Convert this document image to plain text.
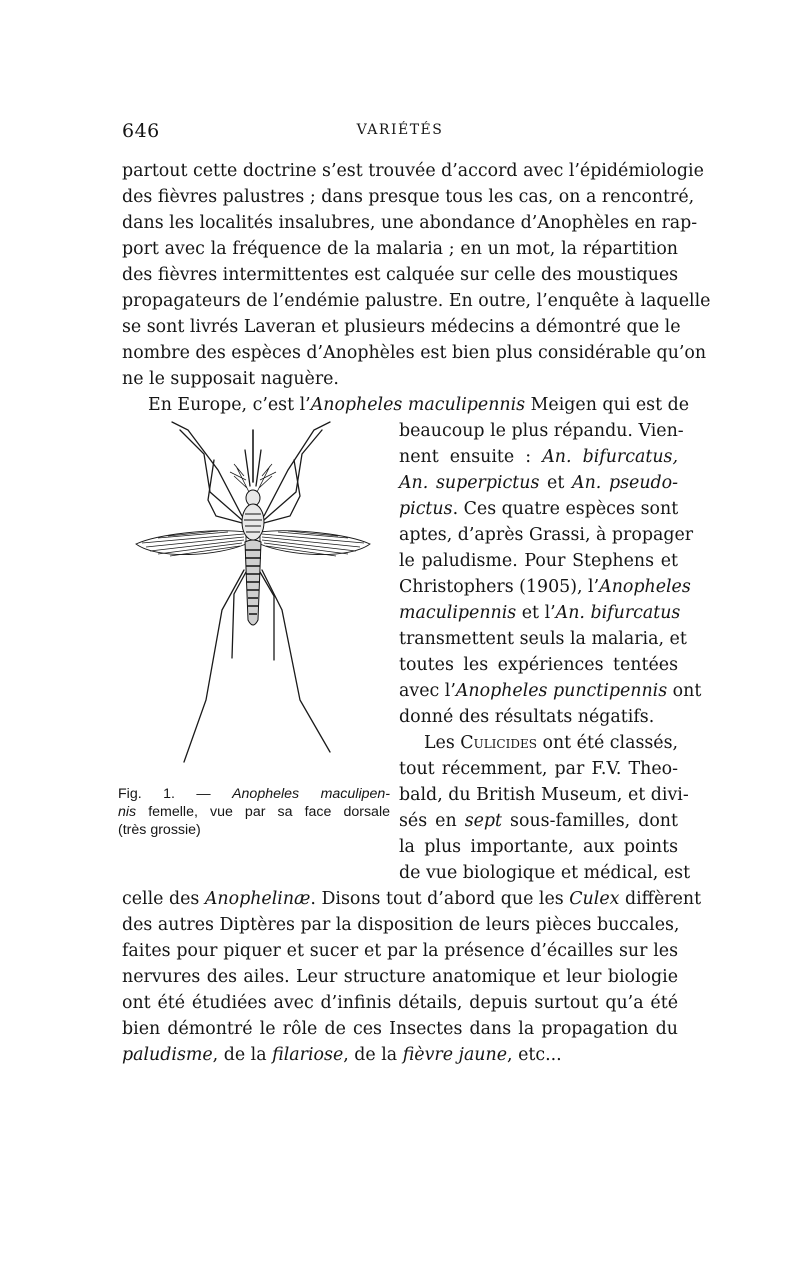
646	VARIÉTÉS
partout cette doctrine s’est trouvée d’accord avec l’épidémiologie
des fièvres palustres ; dans presque tous les cas, on a rencontré,
dans les localités insalubres, une abondance d’Anophèles en rap-
port avec la fréquence de la malaria ; en un mot, la répartition
des fièvres intermittentes est calquée sur celle des moustiques
propagateurs de l’endémie palustre. En outre, l’enquête à laquelle
se sont livrés Laveran et plusieurs médecins a démontré que le
nombre des espèces d’Anophèles est bien plus considérable qu’on
ne le supposait naguère.
En Europe, c’est l’Anopheles maculipennis Meigen qui est de
beaucoup le plus répandu. Vien-
nent ensuite : An. bifurcatus,
An. superpictus et An. pseudo-
pictus. Ces quatre espèces sont
aptes, d’après Grassi, à propager
le paludisme. Pour Stephens et
Christophers (1905), l’Anopheles
maculipennis et l’An. bifurcatus
transmettent seuls la malaria, et
toutes les expériences tentées
avec l’Anopheles punctipennis ont
donné des résultats négatifs.
Les Culicides ont été classés,
tout récemment, par F.V. Theo-
bald, du British Museum, et divi-
sés en sept sous-familles, dont
la plus importante, aux points
de vue biologique et médical, est
Fig. 1. — Anopheles maculipen-
nis femelle, vue par sa face dorsale
(très grossie)
celle des Anophelinæ. Disons tout d’abord que les Culex diffèrent
des autres Diptères par la disposition de leurs pièces buccales,
faites pour piquer et sucer et par la présence d’écailles sur les
nervures des ailes. Leur structure anatomique et leur biologie
ont été étudiées avec d’infinis détails, depuis surtout qu’a été
bien démontré le rôle de ces Insectes dans la propagation du
paludisme, de la filariose, de la fièvre jaune, etc...
